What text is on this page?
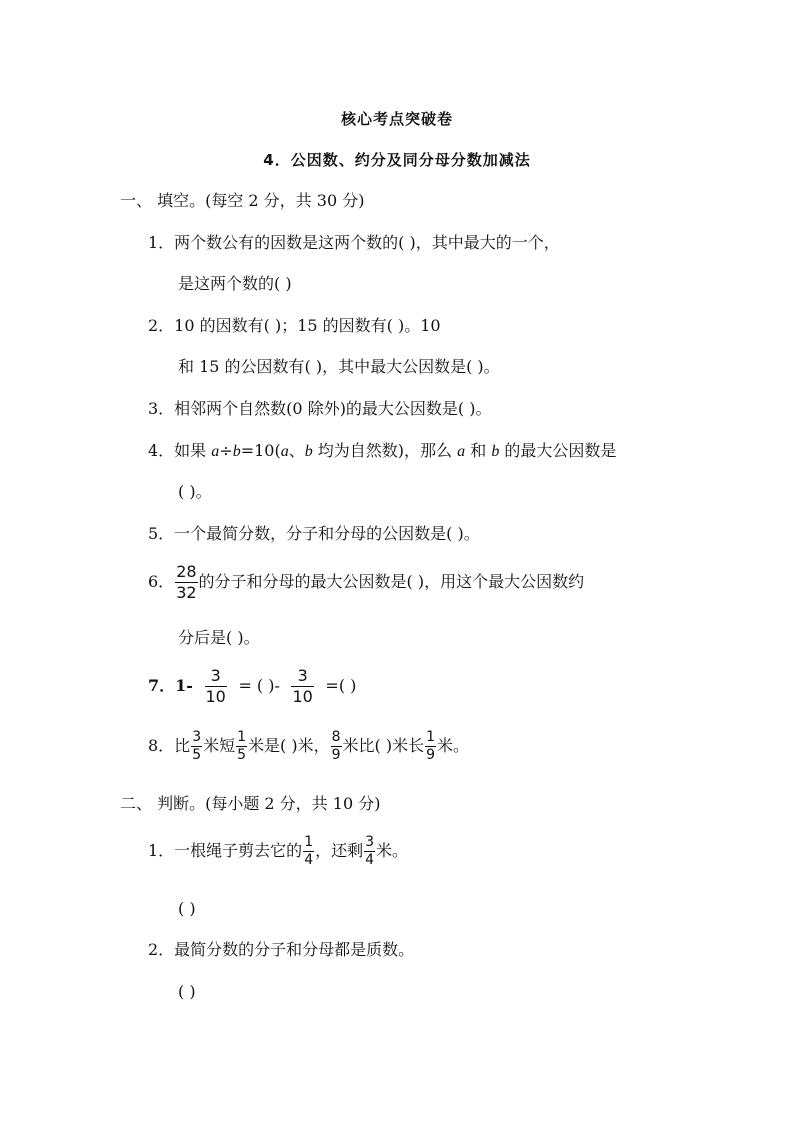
核心考点突破卷
4．公因数、约分及同分母分数加减法
一、 填空。(每空 2 分，共 30 分)
1．两个数公有的因数是这两个数的( )，其中最大的一个，
是这两个数的( )
2．10 的因数有( )；15 的因数有( )。10
和 15 的公因数有( )，其中最大公因数是( )。
3．相邻两个自然数(0 除外)的最大公因数是( )。
4．如果 a÷b=10(a、b 均为自然数)，那么 a 和 b 的最大公因数是
( )。
5．一个最简分数，分子和分母的公因数是( )。
6． $\frac{28}{32}$ 的分子和分母的最大公因数是( )，用这个最大公因数约
分后是( )。
7．$1- \frac{3}{10}$ = ( )- $\frac{3}{10}$ =( )
8．比 $\frac{3}{5}$ 米短 $\frac{1}{5}$ 米是( )米， $\frac{8}{9}$ 米比( )米长 $\frac{1}{9}$ 米。
二、 判断。(每小题 2 分，共 10 分)
1．一根绳子剪去它的 $\frac{1}{4}$ ，还剩 $\frac{3}{4}$ 米。
( )
2．最简分数的分子和分母都是质数。
( )
